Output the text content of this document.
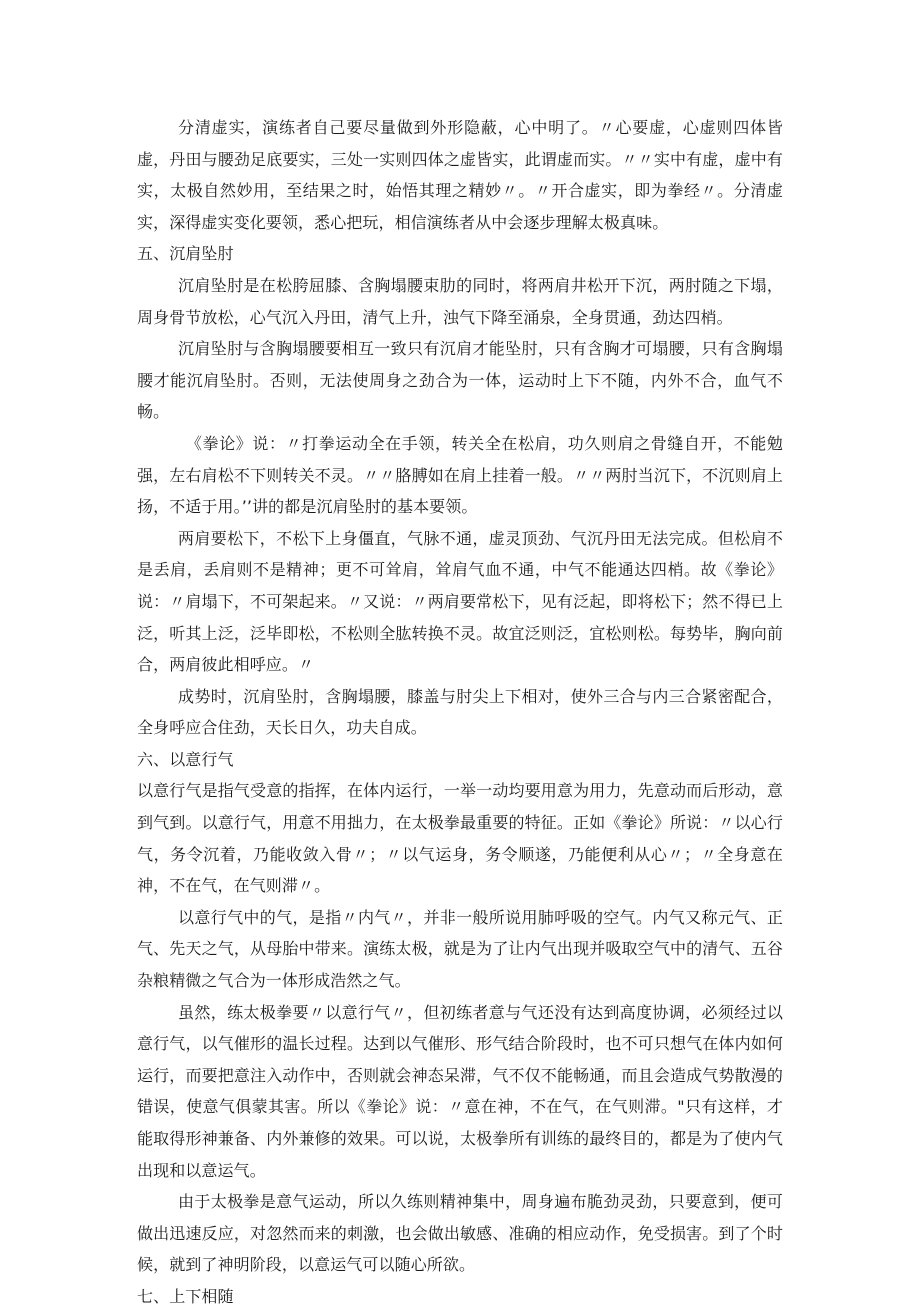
分清虚实，演练者自己要尽量做到外形隐蔽，心中明了。〃心要虚，心虚则四体皆虚，丹田与腰劲足底要实，三处一实则四体之虚皆实，此谓虚而实。〃〃实中有虚，虚中有实，太极自然妙用，至结果之时，始悟其理之精妙〃。〃开合虚实，即为拳经〃。分清虚实，深得虚实变化要领，悉心把玩，相信演练者从中会逐步理解太极真味。

五、沉肩坠肘

沉肩坠肘是在松胯屈膝、含胸塌腰束肋的同时，将两肩井松开下沉，两肘随之下塌，周身骨节放松，心气沉入丹田，清气上升，浊气下降至涌泉，全身贯通，劲达四梢。

沉肩坠肘与含胸塌腰要相互一致只有沉肩才能坠肘，只有含胸才可塌腰，只有含胸塌腰才能沉肩坠肘。否则，无法使周身之劲合为一体，运动时上下不随，内外不合，血气不畅。

《拳论》说：〃打拳运动全在手领，转关全在松肩，功久则肩之骨缝自开，不能勉强，左右肩松不下则转关不灵。〃〃胳膊如在肩上挂着一般。〃〃两肘当沉下，不沉则肩上扬，不适于用。’’讲的都是沉肩坠肘的基本要领。

两肩要松下，不松下上身僵直，气脉不通，虚灵顶劲、气沉丹田无法完成。但松肩不是丢肩，丢肩则不是精神；更不可耸肩，耸肩气血不通，中气不能通达四梢。故《拳论》说：〃肩塌下，不可架起来。〃又说：〃两肩要常松下，见有泛起，即将松下；然不得已上泛，听其上泛，泛毕即松，不松则全肱转换不灵。故宜泛则泛，宜松则松。每势毕，胸向前合，两肩彼此相呼应。〃

成势时，沉肩坠肘，含胸塌腰，膝盖与肘尖上下相对，使外三合与内三合紧密配合，全身呼应合住劲，天长日久，功夫自成。

六、以意行气

以意行气是指气受意的指挥，在体内运行，一举一动均要用意为用力，先意动而后形动，意到气到。以意行气，用意不用拙力，在太极拳最重要的特征。正如《拳论》所说：〃以心行气，务令沉着，乃能收敛入骨〃；〃以气运身，务令顺遂，乃能便利从心〃；〃全身意在神，不在气，在气则滞〃。

以意行气中的气，是指〃内气〃，并非一般所说用肺呼吸的空气。内气又称元气、正气、先天之气，从母胎中带来。演练太极，就是为了让内气出现并吸取空气中的清气、五谷杂粮精微之气合为一体形成浩然之气。

虽然，练太极拳要〃以意行气〃，但初练者意与气还没有达到高度协调，必须经过以意行气，以气催形的温长过程。达到以气催形、形气结合阶段时，也不可只想气在体内如何运行，而要把意注入动作中，否则就会神态呆滞，气不仅不能畅通，而且会造成气势散漫的错误，使意气俱蒙其害。所以《拳论》说：〃意在神，不在气，在气则滞。"只有这样，才能取得形神兼备、内外兼修的效果。可以说，太极拳所有训练的最终目的，都是为了使内气出现和以意运气。

由于太极拳是意气运动，所以久练则精神集中，周身遍布脆劲灵劲，只要意到，便可做出迅速反应，对忽然而来的刺激，也会做出敏感、准确的相应动作，免受损害。到了个时候，就到了神明阶段，以意运气可以随心所欲。

七、上下相随
